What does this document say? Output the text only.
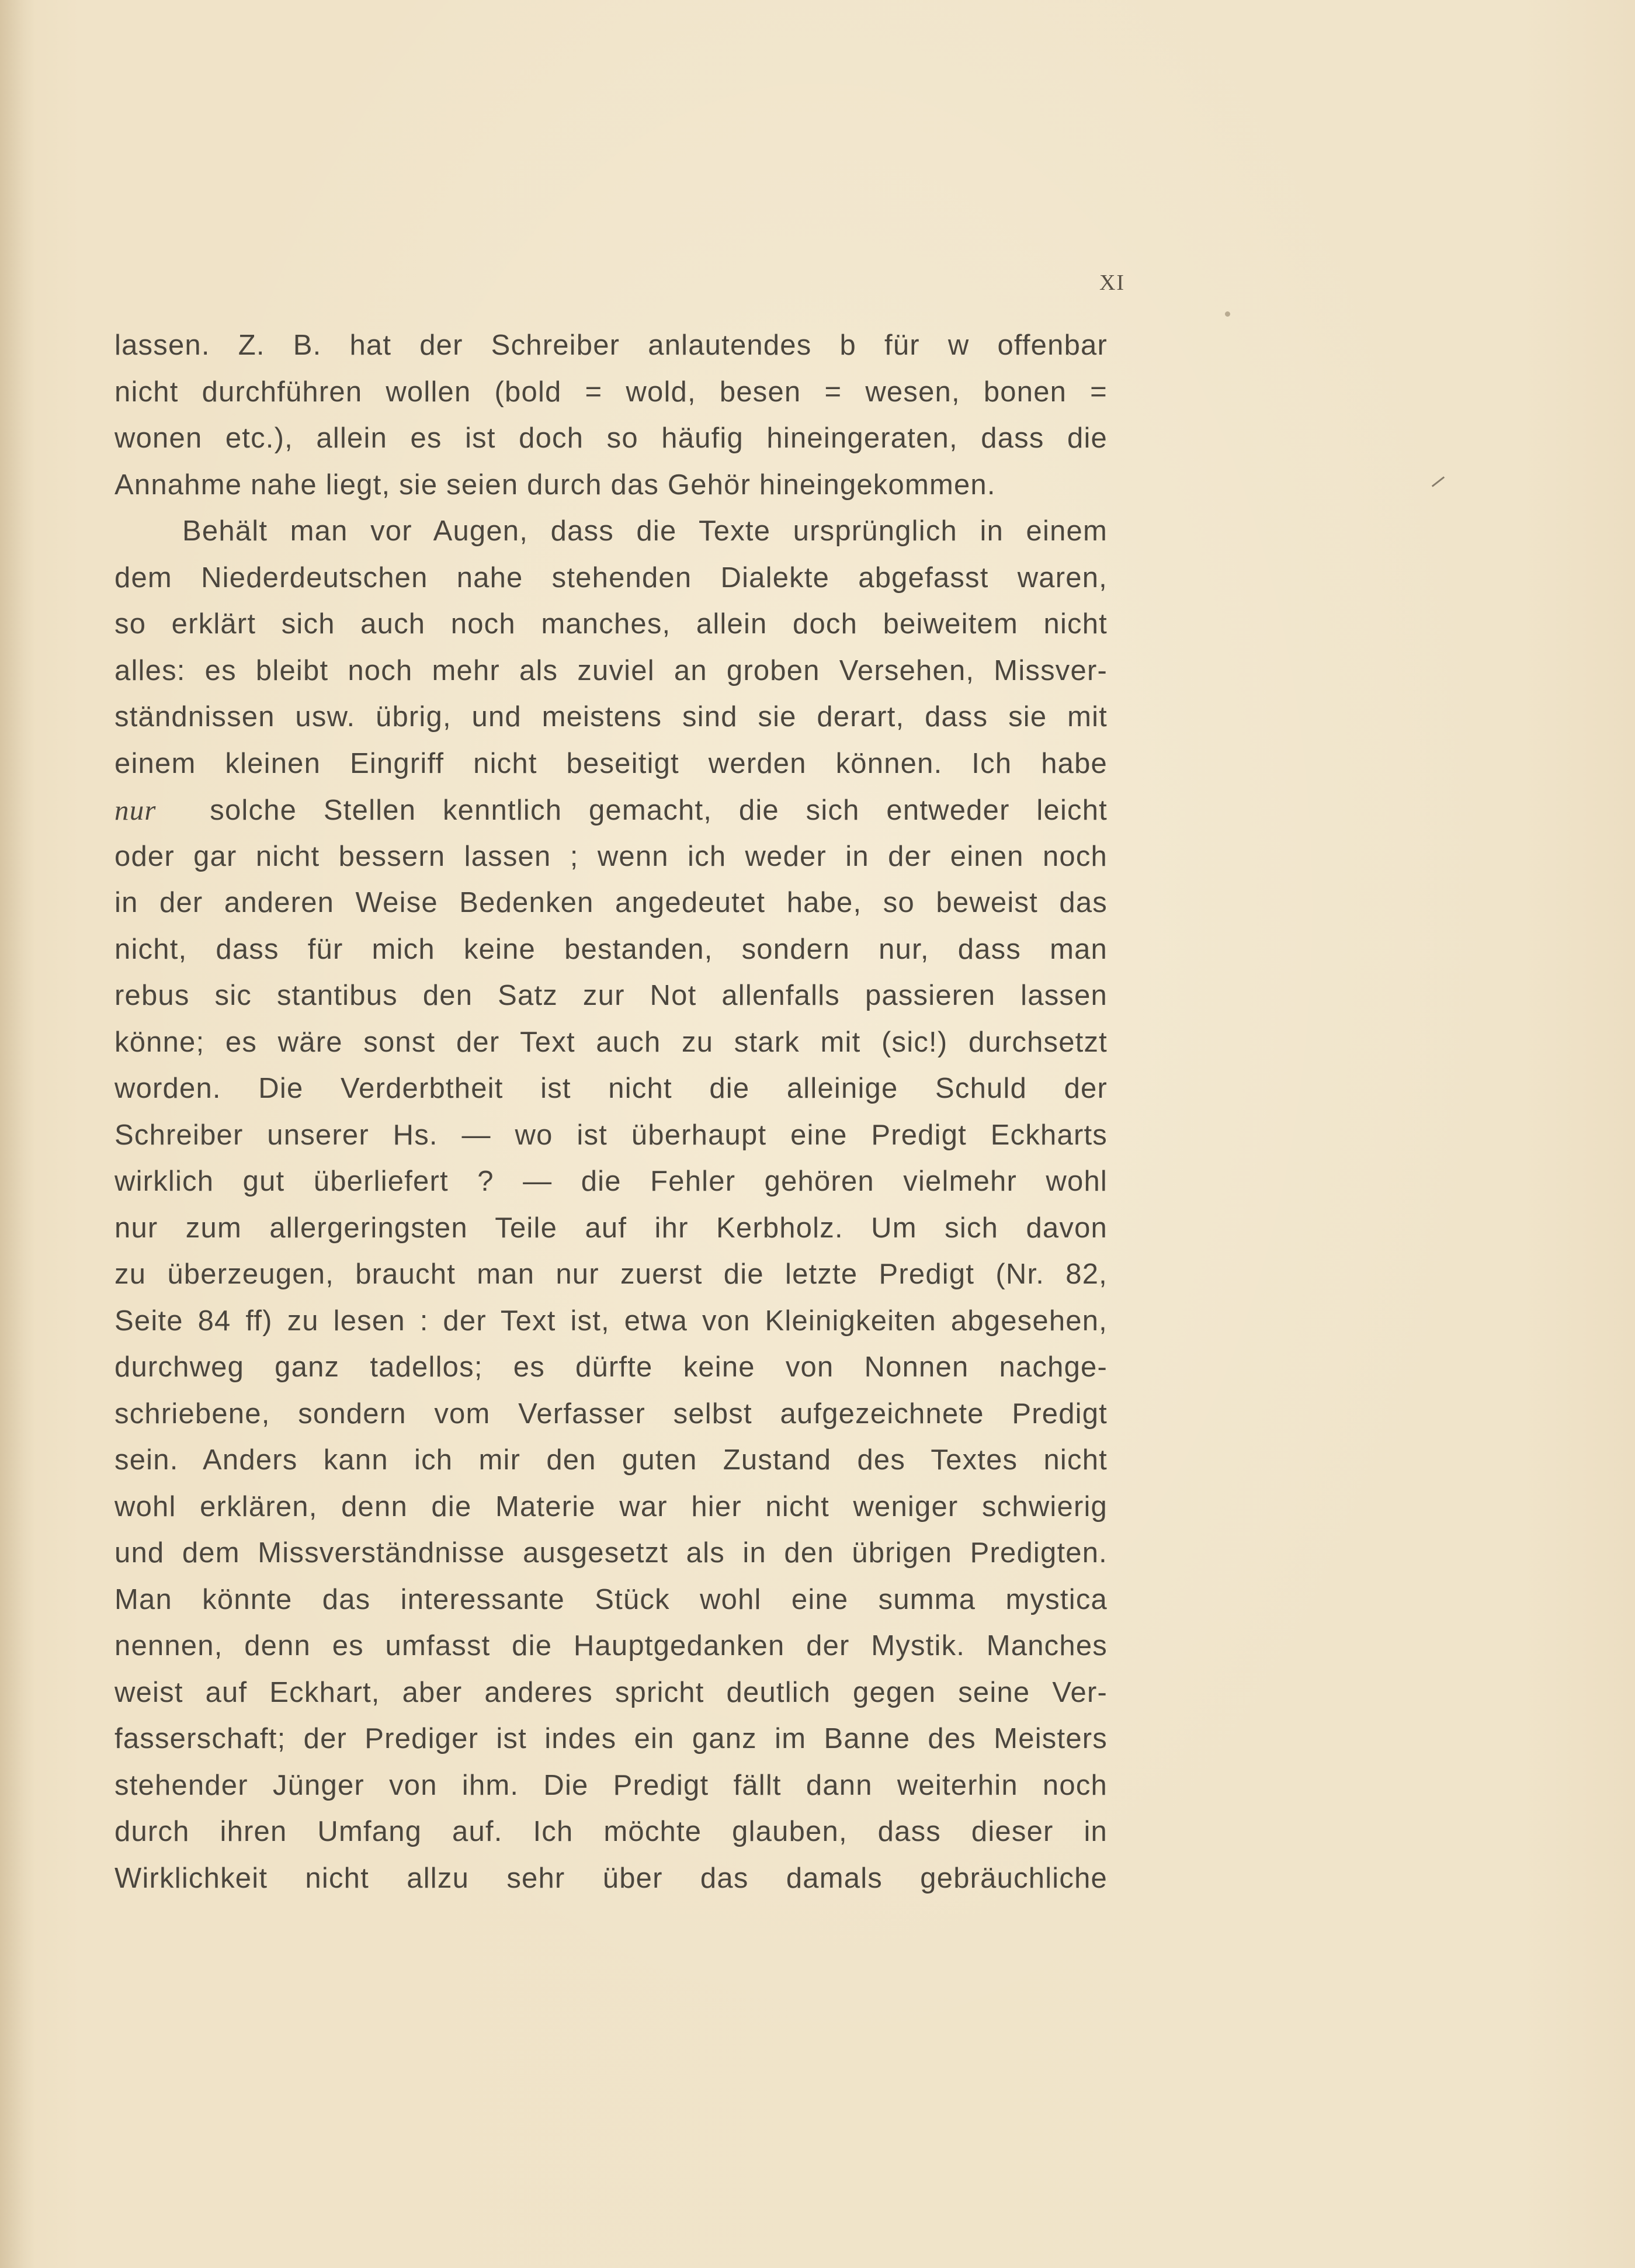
XI
lassen. Z. B. hat der Schreiber anlautendes b für w offenbar
nicht durchführen wollen (bold = wold, besen = wesen, bonen =
wonen etc.), allein es ist doch so häufig hineingeraten, dass die
Annahme nahe liegt, sie seien durch das Gehör hineingekommen.
Behält man vor Augen, dass die Texte ursprünglich in einem
dem Niederdeutschen nahe stehenden Dialekte abgefasst waren,
so erklärt sich auch noch manches, allein doch beiweitem nicht
alles: es bleibt noch mehr als zuviel an groben Versehen, Missver-
ständnissen usw. übrig, und meistens sind sie derart, dass sie mit
einem kleinen Eingriff nicht beseitigt werden können. Ich habe
nur solche Stellen kenntlich gemacht, die sich entweder leicht
oder gar nicht bessern lassen ; wenn ich weder in der einen noch
in der anderen Weise Bedenken angedeutet habe, so beweist das
nicht, dass für mich keine bestanden, sondern nur, dass man
rebus sic stantibus den Satz zur Not allenfalls passieren lassen
könne; es wäre sonst der Text auch zu stark mit (sic!) durchsetzt
worden. Die Verderbtheit ist nicht die alleinige Schuld der
Schreiber unserer Hs. — wo ist überhaupt eine Predigt Eckharts
wirklich gut überliefert ? — die Fehler gehören vielmehr wohl
nur zum allergeringsten Teile auf ihr Kerbholz. Um sich davon
zu überzeugen, braucht man nur zuerst die letzte Predigt (Nr. 82,
Seite 84 ff) zu lesen : der Text ist, etwa von Kleinigkeiten abgesehen,
durchweg ganz tadellos; es dürfte keine von Nonnen nachge-
schriebene, sondern vom Verfasser selbst aufgezeichnete Predigt
sein. Anders kann ich mir den guten Zustand des Textes nicht
wohl erklären, denn die Materie war hier nicht weniger schwierig
und dem Missverständnisse ausgesetzt als in den übrigen Predigten.
Man könnte das interessante Stück wohl eine summa mystica
nennen, denn es umfasst die Hauptgedanken der Mystik. Manches
weist auf Eckhart, aber anderes spricht deutlich gegen seine Ver-
fasserschaft; der Prediger ist indes ein ganz im Banne des Meisters
stehender Jünger von ihm. Die Predigt fällt dann weiterhin noch
durch ihren Umfang auf. Ich möchte glauben, dass dieser in
Wirklichkeit nicht allzu sehr über das damals gebräuchliche
